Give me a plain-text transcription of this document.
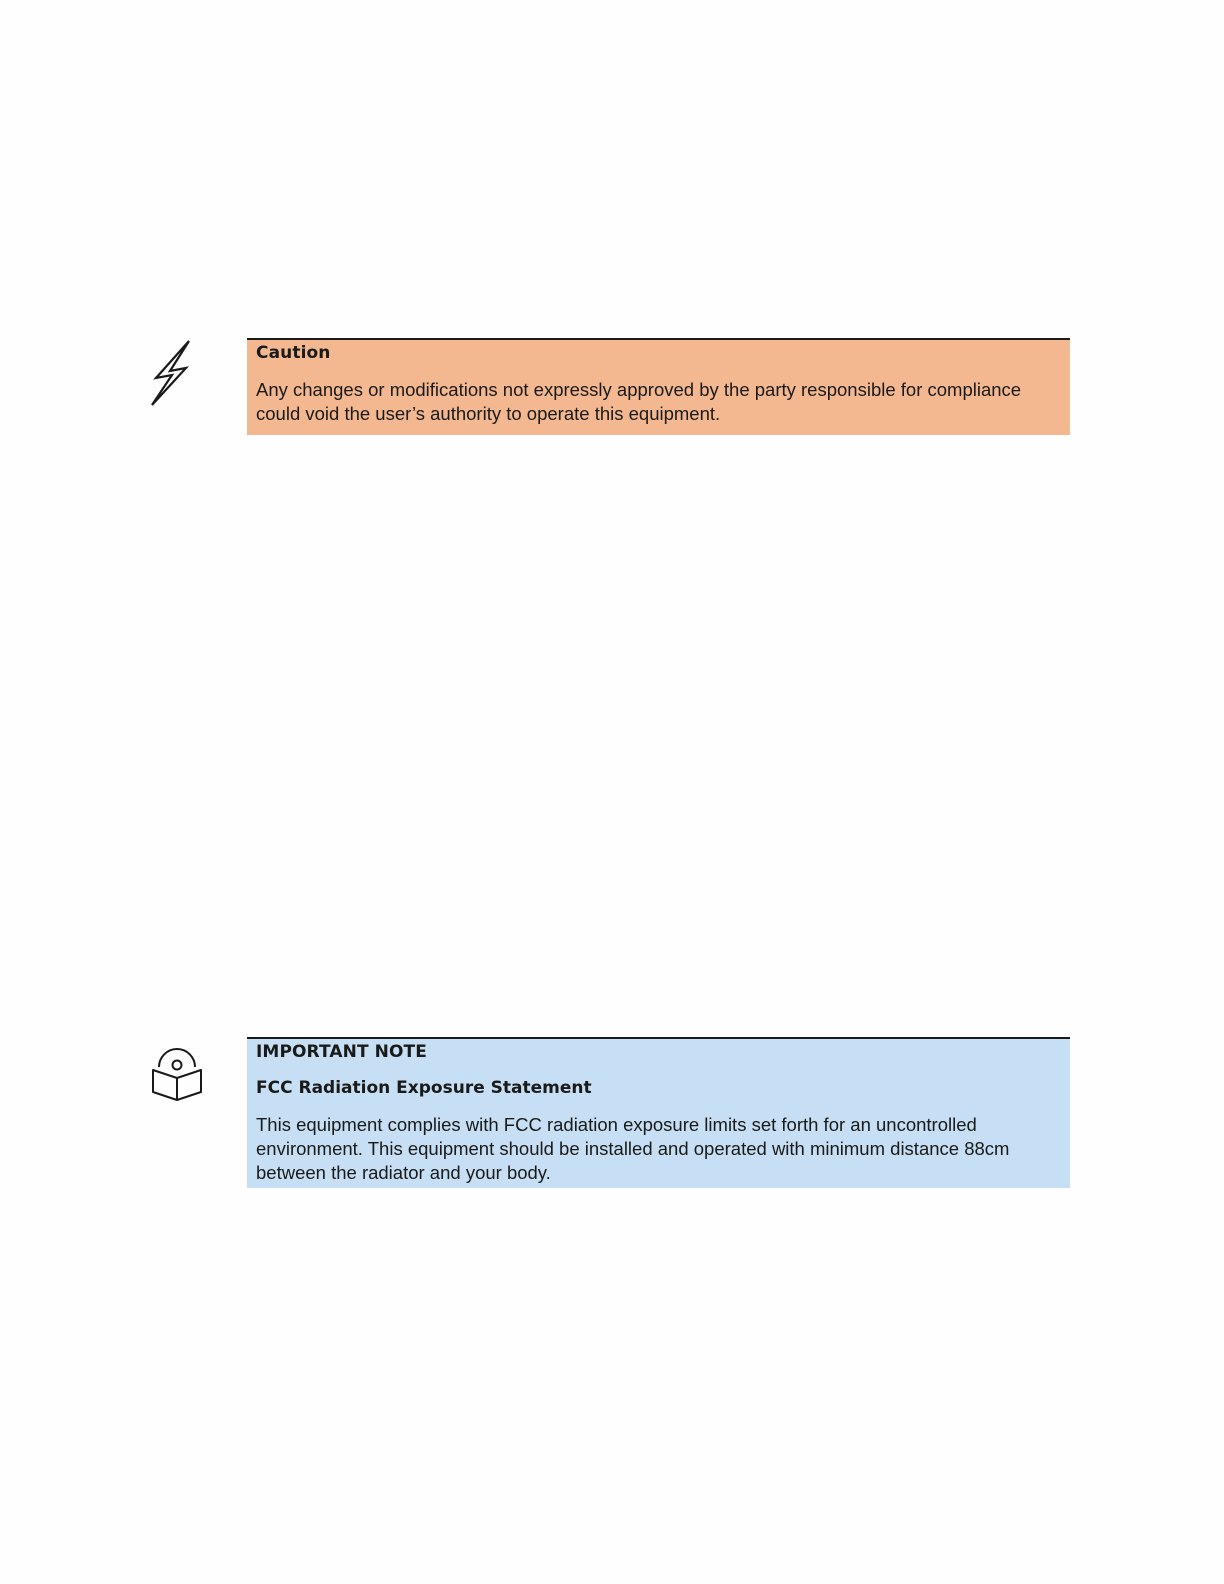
Caution

Any changes or modifications not expressly approved by the party responsible for compliance could void the user’s authority to operate this equipment.

IMPORTANT NOTE

FCC Radiation Exposure Statement

This equipment complies with FCC radiation exposure limits set forth for an uncontrolled environment. This equipment should be installed and operated with minimum distance 88cm between the radiator and your body.
